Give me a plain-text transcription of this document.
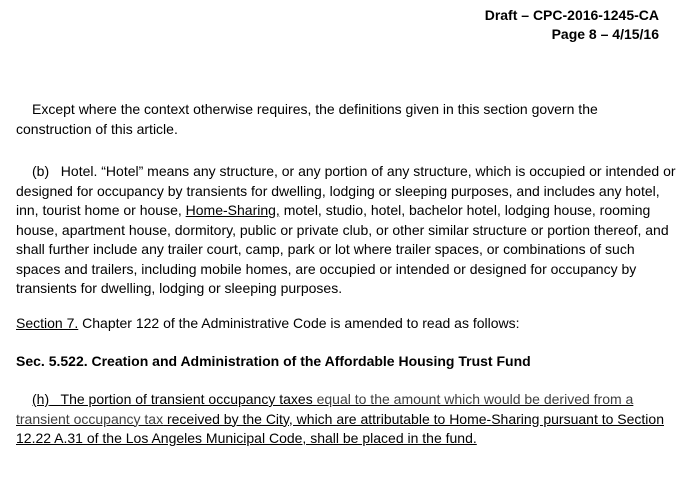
Draft – CPC-2016-1245-CA
Page 8 – 4/15/16

Except where the context otherwise requires, the definitions given in this section govern the construction of this article.

(b) Hotel. “Hotel” means any structure, or any portion of any structure, which is occupied or intended or designed for occupancy by transients for dwelling, lodging or sleeping purposes, and includes any hotel, inn, tourist home or house, Home-Sharing, motel, studio, hotel, bachelor hotel, lodging house, rooming house, apartment house, dormitory, public or private club, or other similar structure or portion thereof, and shall further include any trailer court, camp, park or lot where trailer spaces, or combinations of such spaces and trailers, including mobile homes, are occupied or intended or designed for occupancy by transients for dwelling, lodging or sleeping purposes.

Section 7. Chapter 122 of the Administrative Code is amended to read as follows:

Sec. 5.522. Creation and Administration of the Affordable Housing Trust Fund

(h) The portion of transient occupancy taxes equal to the amount which would be derived from a transient occupancy tax received by the City, which are attributable to Home-Sharing pursuant to Section 12.22 A.31 of the Los Angeles Municipal Code, shall be placed in the fund.
